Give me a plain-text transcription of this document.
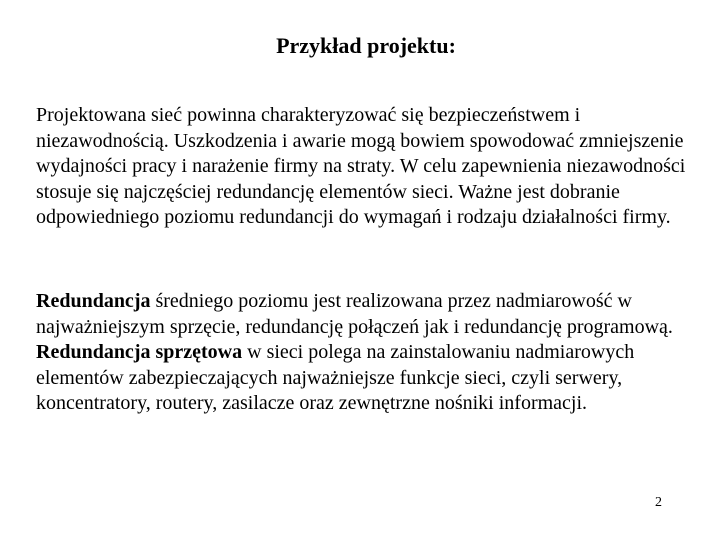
Przykład projektu:

Projektowana sieć powinna charakteryzować się bezpieczeństwem i niezawodnością. Uszkodzenia i awarie mogą bowiem spowodować zmniejszenie wydajności pracy i narażenie firmy na straty. W celu zapewnienia niezawodności stosuje się najczęściej redundancję elementów sieci. Ważne jest dobranie odpowiedniego poziomu redundancji do wymagań i rodzaju działalności firmy.

Redundancja średniego poziomu jest realizowana przez nadmiarowość w najważniejszym sprzęcie, redundancję połączeń jak i redundancję programową. Redundancja sprzętowa w sieci polega na zainstalowaniu nadmiarowych elementów zabezpieczających najważniejsze funkcje sieci, czyli serwery, koncentratory, routery, zasilacze oraz zewnętrzne nośniki informacji.

2
